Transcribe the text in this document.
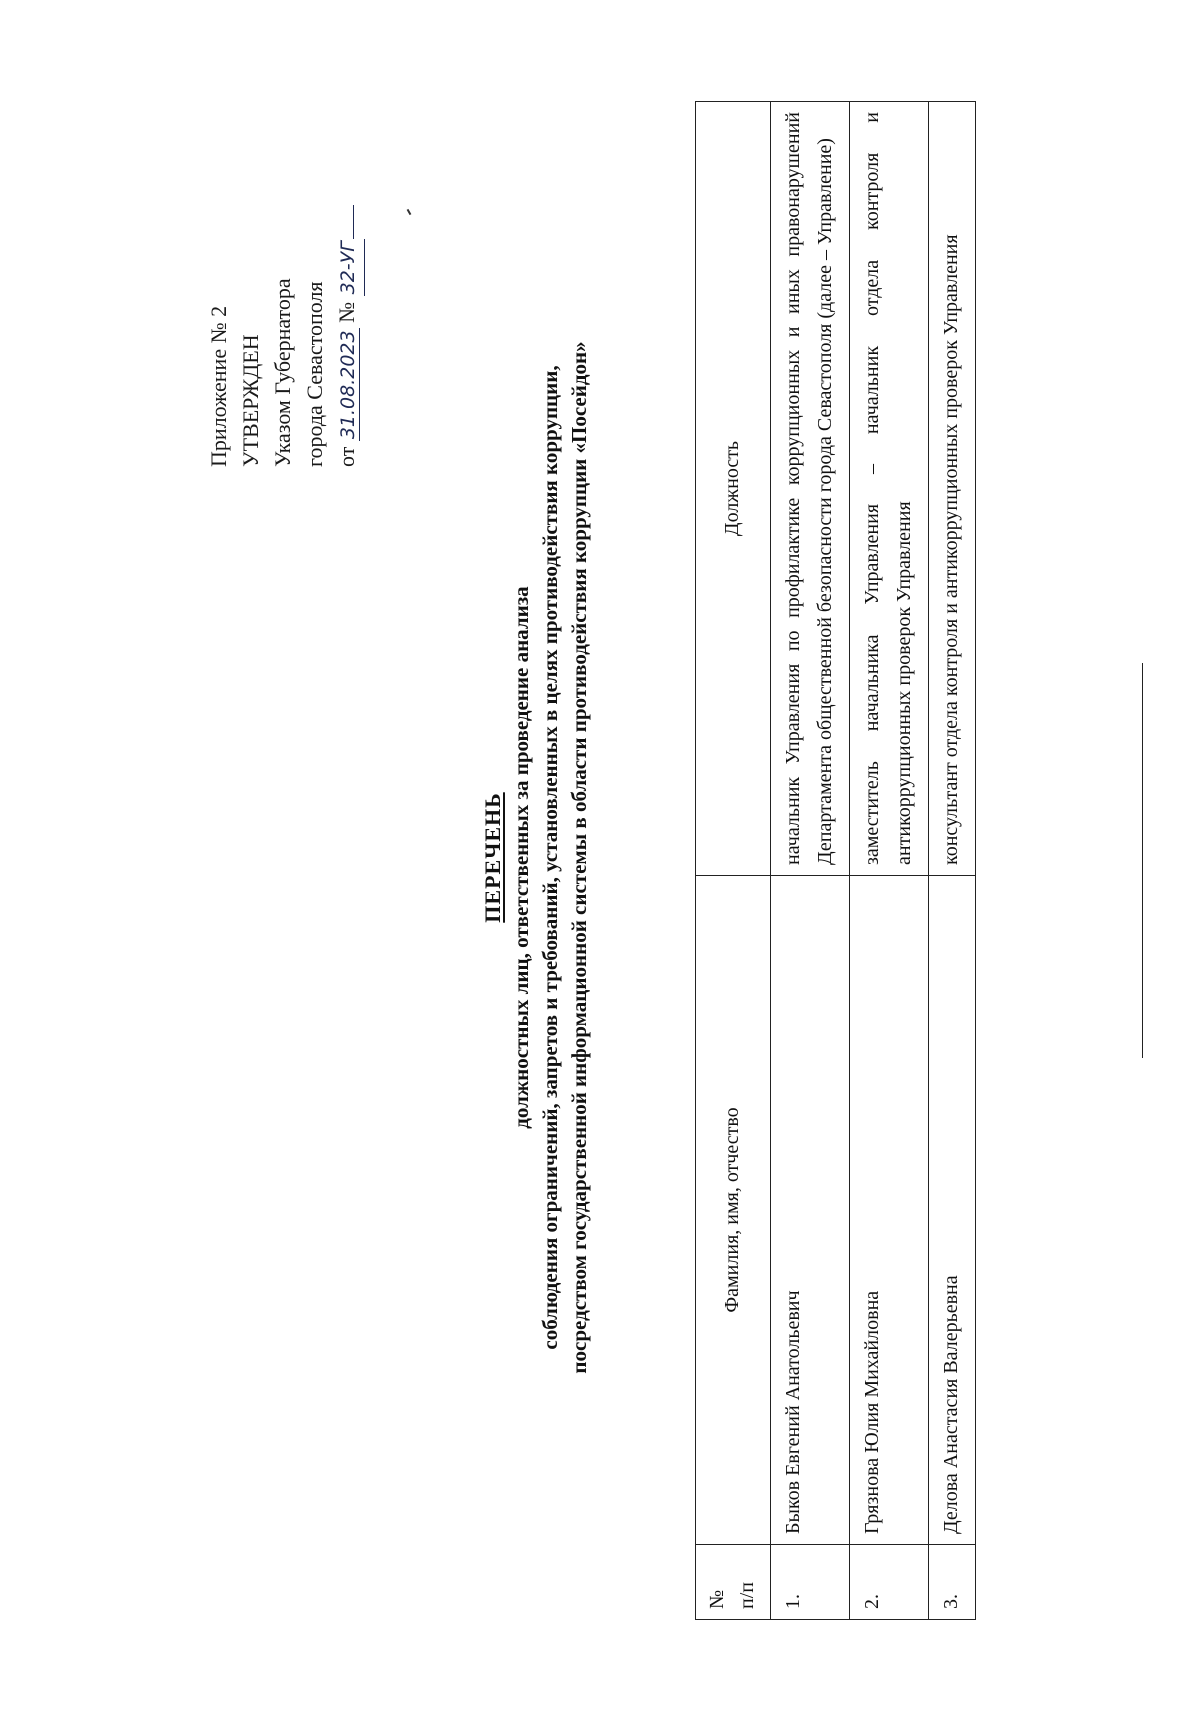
Приложение № 2 УТВЕРЖДЕН Указом Губернатора города Севастополя от 31.08.2023 № 32-УГ
ПЕРЕЧЕНЬ должностных лиц, ответственных за проведение анализа соблюдения ограничений, запретов и требований, установленных в целях противодействия коррупции, посредством государственной информационной системы в области противодействия коррупции «Посейдон»
№ п/п	Фамилия, имя, отчество	Должность
1.	Быков Евгений Анатольевич	начальник Управления по профилактике коррупционных и иных правонарушений Департамента общественной безопасности города Севастополя (далее – Управление)
2.	Грязнова Юлия Михайловна	заместитель начальника Управления – начальник отдела контроля и антикоррупционных проверок Управления
3.	Делова Анастасия Валерьевна	консультант отдела контроля и антикоррупционных проверок Управления
